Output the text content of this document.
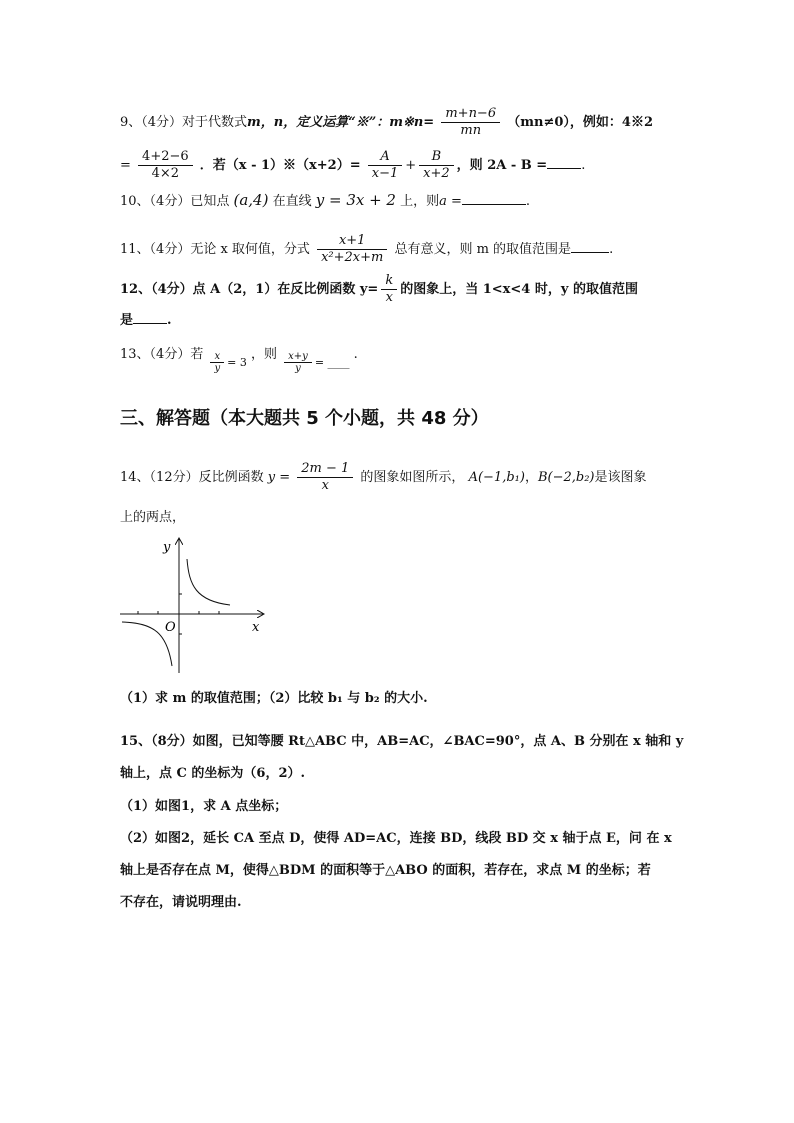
9、（4分）对于代数式m，n，定义运算“※”：m※n= $\frac{m+n-6}{mn} (mn\ne 0)$，例如：4※2
= $\frac{4+2-6}{4\times 2}$ ．若（x - 1）※（x+2）= $\frac{A}{x-1} + \frac{B}{x+2}$ ，则 2A - B =	.
10、（4分）已知点 (a,4) 在直线 y = 3x + 2 上，则a =	.
11、（4分）无论 x 取何值，分式 $\frac{x+1}{\text{x²+2x+m}}$ 总有意义，则 m 的取值范围是	.
12、（4分）点 A（2，1）在反比例函数 $y= \frac{k}{x}$ 的图象上，当 1<x<4 时，y 的取值范围
是	.
13、（4分）若 $\frac{x}{y} = 3$ ，则 $\frac{x+y}{y}$ = ____ .
三、解答题（本大题共 5 个小题，共 48 分）
14、（12分）反比例函数 $y = \frac{2m - 1}{x}$ 的图象如图所示， A(−1,b₁)，B(−2,b₂)是该图象
上的两点，
y
x
O
（1）求 m 的取值范围；（2）比较 b₁ 与 b₂ 的大小.
15、（8分）如图，已知等腰 Rt△ABC 中，AB=AC，∠BAC=90°，点 A、B 分别在 x 轴和 y
轴上，点 C 的坐标为（6，2）.
（1）如图1，求 A 点坐标；
（2）如图2，延长 CA 至点 D，使得 AD=AC，连接 BD，线段 BD 交 x 轴于点 E，问 在 x
轴上是否存在点 M，使得△BDM 的面积等于△ABO 的面积，若存在，求点 M 的坐标；若
不存在，请说明理由.
